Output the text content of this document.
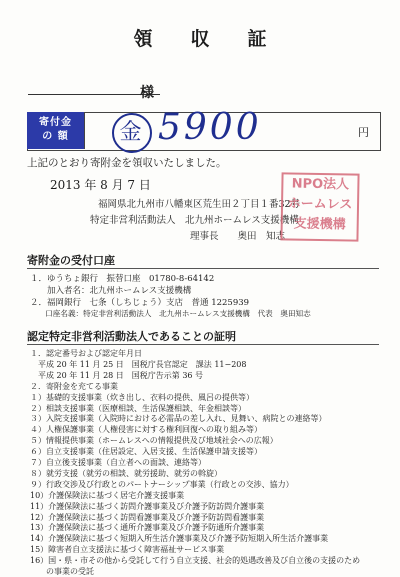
領収証
様
寄付金
の 額	金 5900	円
上記のとおり寄附金を領収いたしました。
2013 年 8 月 7 日
福岡県北九州市八幡東区荒生田２丁目１番32号
特定非営利活動法人　北九州ホームレス支援機構
理事長　　奥田　知志
NPO法人
ホームレス
支援機構
寄附金の受付口座
１．ゆうちょ銀行　振替口座　01780-8-64142
　　加入者名：北九州ホームレス支援機構
２．福岡銀行　七条（しちじょう）支店　普通 1225939
　　口座名義：特定非営利活動法人　北九州ホームレス支援機構　代表　奥田知志
認定特定非営利活動法人であることの証明
１．認定番号および認定年月日
　平成 20 年 11 月 25 日　国税庁長官認定　課法 11−208
　平成 20 年 11 月 28 日　国税庁告示第 36 号
２．寄附金を充てる事業
１）基礎的支援事業（炊き出し、衣料の提供、風呂の提供等）
２）相談支援事業（医療相談、生活保護相談、年金相談等）
３）入院支援事業（入院時における必需品の差し入れ、見舞い、病院との連絡等）
４）人権保護事業（人権侵害に対する権利回復への取り組み等）
５）情報提供事業（ホームレスへの情報提供及び地域社会への広報）
６）自立支援事業（住居設定、入居支援、生活保護申請支援等）
７）自立後支援事業（自立者への面談、連絡等）
８）就労支援（就労の相談、就労援助、就労の斡旋）
９）行政交渉及び行政とのパートナーシップ事業（行政との交渉、協力）
10）介護保険法に基づく居宅介護支援事業
11）介護保険法に基づく訪問介護事業及び介護予防訪問介護事業
12）介護保険法に基づく訪問看護事業及び介護予防訪問看護事業
13）介護保険法に基づく通所介護事業及び介護予防通所介護事業
14）介護保険法に基づく短期入所生活介護事業及び介護予防短期入所生活介護事業
15）障害者自立支援法に基づく障害福祉サービス事業
16）国・県・市その他から受託して行う自立支援、社会的処遇改善及び自立後の支援のため
　　の事業の受託
